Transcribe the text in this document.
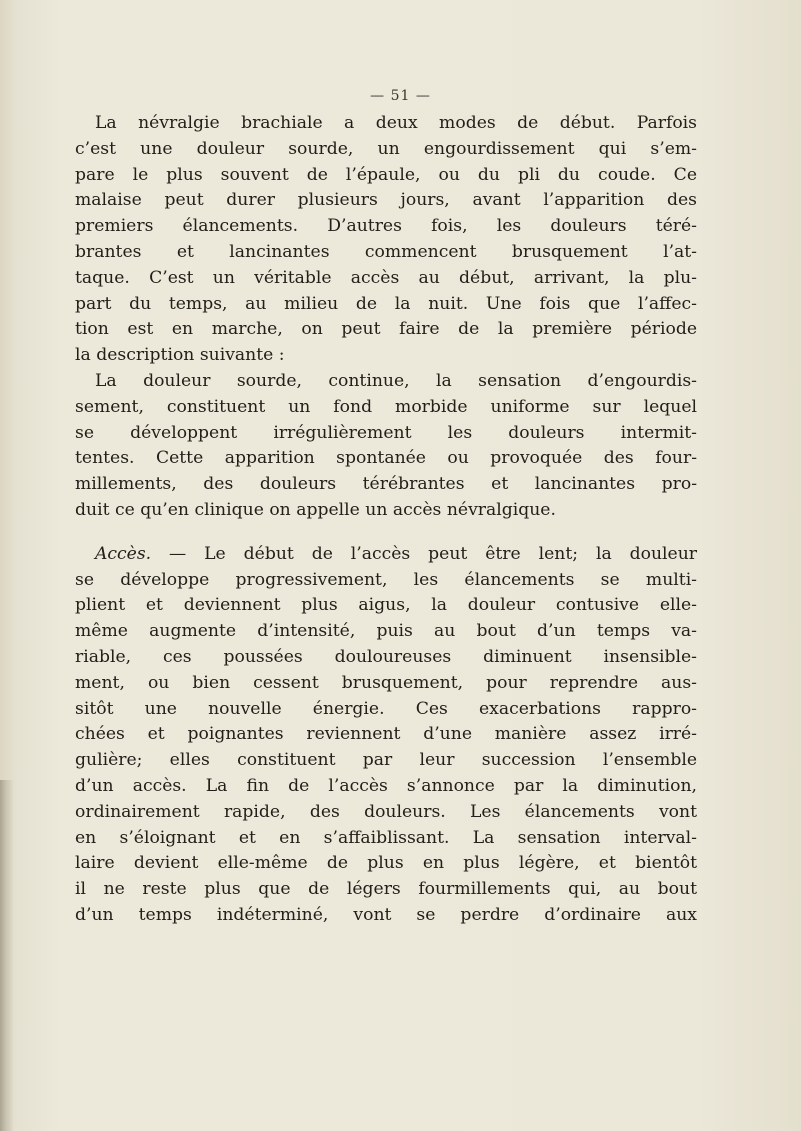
— 51 —
La névralgie brachiale a deux modes de début. Parfois
c’est une douleur sourde, un engourdissement qui s’em-
pare le plus souvent de l’épaule, ou du pli du coude. Ce
malaise peut durer plusieurs jours, avant l’apparition des
premiers élancements. D’autres fois, les douleurs téré-
brantes et lancinantes commencent brusquement l’at-
taque. C’est un véritable accès au début, arrivant, la plu-
part du temps, au milieu de la nuit. Une fois que l’affec-
tion est en marche, on peut faire de la première période
la description suivante :
La douleur sourde, continue, la sensation d’engourdis-
sement, constituent un fond morbide uniforme sur lequel
se développent irrégulièrement les douleurs intermit-
tentes. Cette apparition spontanée ou provoquée des four-
millements, des douleurs térébrantes et lancinantes pro-
duit ce qu’en clinique on appelle un accès névralgique.
Accès. — Le début de l’accès peut être lent; la douleur
se développe progressivement, les élancements se multi-
plient et deviennent plus aigus, la douleur contusive elle-
même augmente d’intensité, puis au bout d’un temps va-
riable, ces poussées douloureuses diminuent insensible-
ment, ou bien cessent brusquement, pour reprendre aus-
sitôt une nouvelle énergie. Ces exacerbations rappro-
chées et poignantes reviennent d’une manière assez irré-
gulière; elles constituent par leur succession l’ensemble
d’un accès. La fin de l’accès s’annonce par la diminution,
ordinairement rapide, des douleurs. Les élancements vont
en s’éloignant et en s’affaiblissant. La sensation interval-
laire devient elle-même de plus en plus légère, et bientôt
il ne reste plus que de légers fourmillements qui, au bout
d’un temps indéterminé, vont se perdre d’ordinaire aux
